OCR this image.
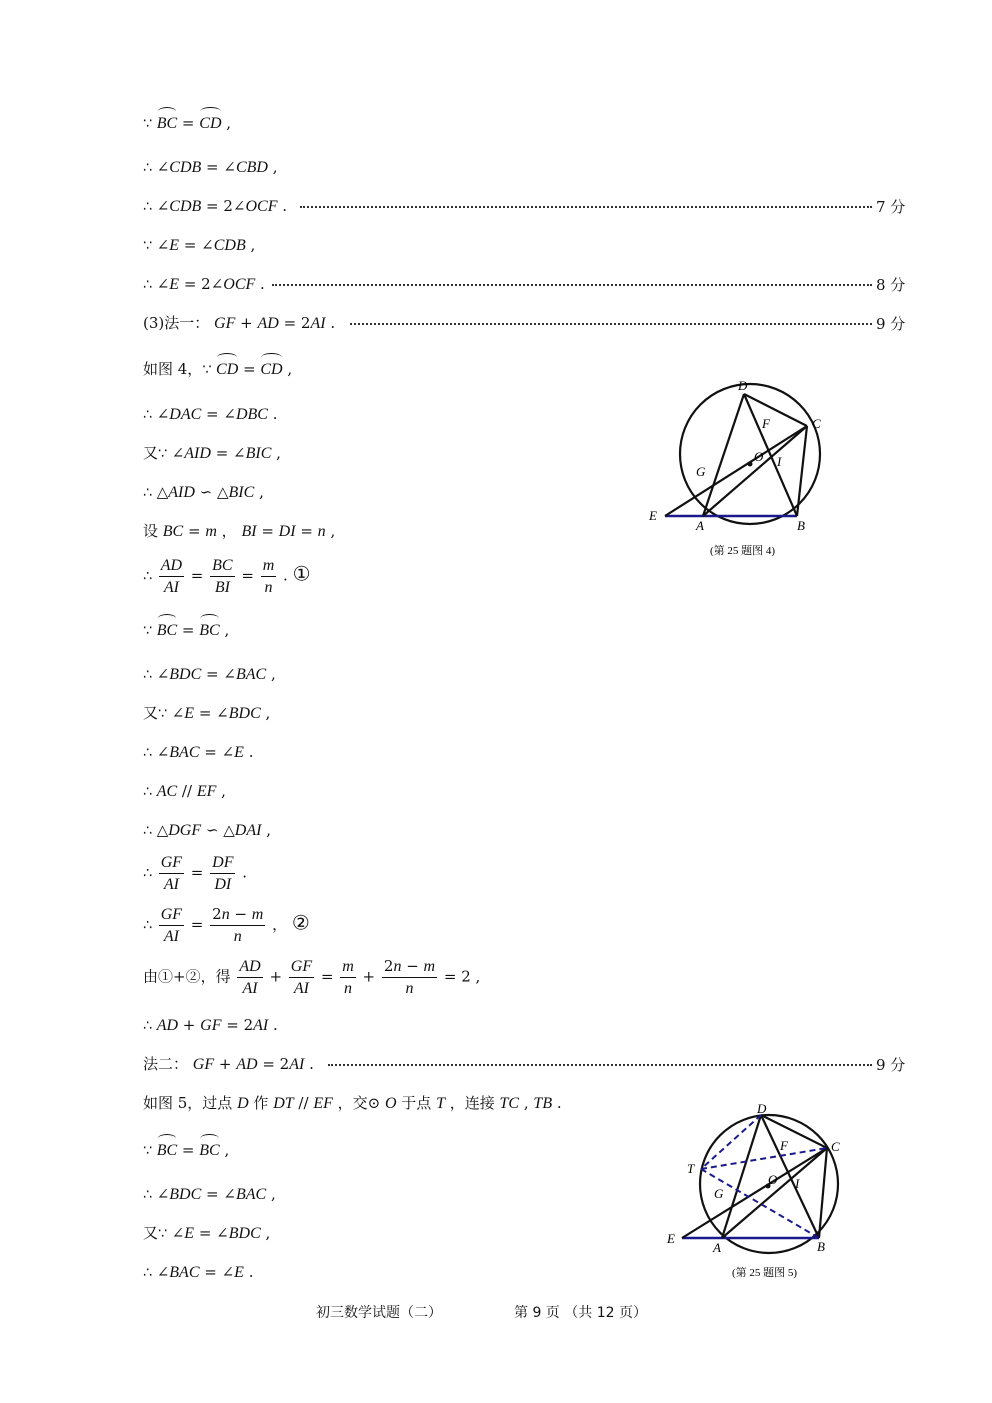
∵ BC = CD ,
∴ ∠CDB = ∠CBD ,
∴ ∠CDB = 2∠OCF .	7 分
∵ ∠E = ∠CDB ,
∴ ∠E = 2∠OCF .	8 分
(3)法一： GF + AD = 2AI .	9 分
如图 4，∵ CD = CD ,
∴ ∠DAC = ∠DBC .
又∵ ∠AID = ∠BIC ,
∴ △AID ∽ △BIC ,
设 BC = m ， BI = DI = n ,
∴ $\frac{AD}{AI} = \frac{BC}{BI} = \frac{m}{n}$ . ①
∵ BC = BC ,
∴ ∠BDC = ∠BAC ,
又∵ ∠E = ∠BDC ,
∴ ∠BAC = ∠E .
∴ AC // EF ,
∴ △DGF ∽ △DAI ,
∴ $\frac{GF}{AI} = \frac{DF}{DI}$ .
∴ $\frac{GF}{AI} = \frac{2n - m}{n}$ ， ②
由①+②，得 $\frac{AD}{AI} + \frac{GF}{AI} = \frac{m}{n} + \frac{2n - m}{n} = 2$ ,
∴ AD + GF = 2AI .
法二： GF + AD = 2AI .	9 分
如图 5，过点 D 作 DT // EF ，交⊙ O 于点 T ，连接 TC , TB .
∵ BC = BC ,
∴ ∠BDC = ∠BAC ,
又∵ ∠E = ∠BDC ,
∴ ∠BAC = ∠E .
D
F	C
O I
G
E
A	B
(第 25 题图 4)
D
F	C
T
O I
G
E
A	B
(第 25 题图 5)
初三数学试题（二）	第 9 页 （共 12 页）
